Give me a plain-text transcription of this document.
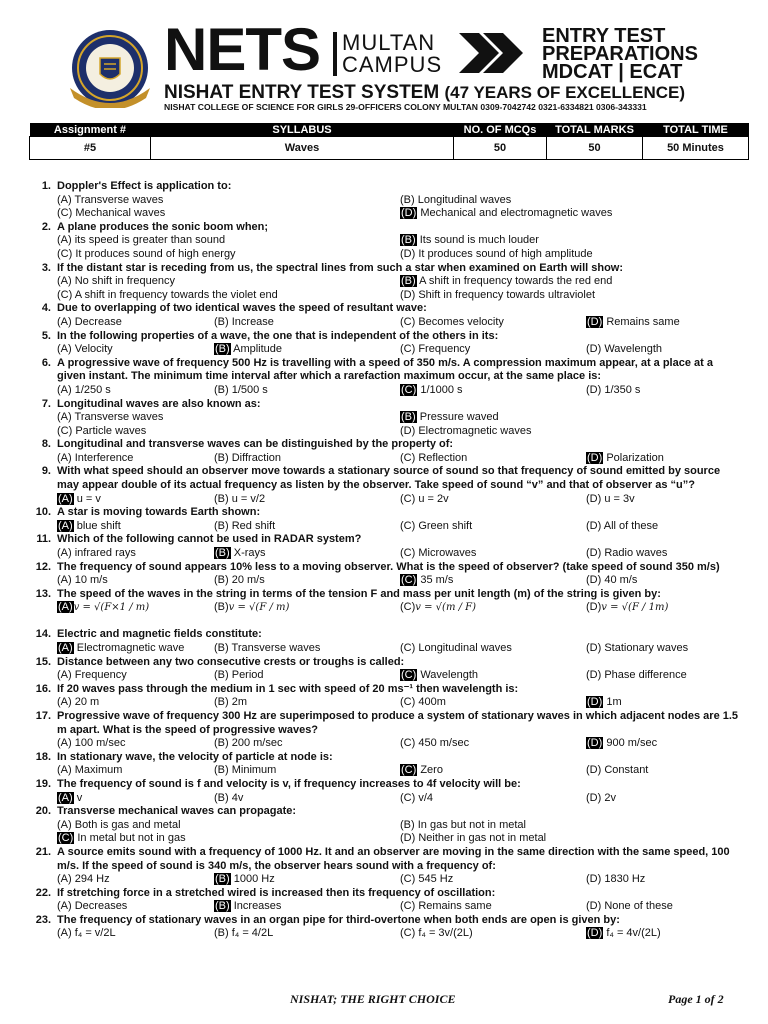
NETS MULTAN
CAMPUS
ENTRY TEST
PREPARATIONS
MDCAT | ECAT
NISHAT ENTRY TEST SYSTEM (47 YEARS OF EXCELLENCE)
NISHAT COLLEGE OF SCIENCE FOR GIRLS 29-OFFICERS COLONY MULTAN 0309-7042742 0321-6334821 0306-343331
Assignment #	SYLLABUS	NO. OF MCQs	TOTAL MARKS	TOTAL TIME
#5	Waves	50	50	50 Minutes
1. Doppler's Effect is application to:
(A) Transverse waves	(B) Longitudinal waves
(C) Mechanical waves	(D) Mechanical and electromagnetic waves
2. A plane produces the sonic boom when;
(A) its speed is greater than sound	(B) Its sound is much louder
(C) It produces sound of high energy	(D) It produces sound of high amplitude
3. If the distant star is receding from us, the spectral lines from such a star when examined on Earth will show:
(A) No shift in frequency	(B) A shift in frequency towards the red end
(C) A shift in frequency towards the violet end	(D) Shift in frequency towards ultraviolet
4. Due to overlapping of two identical waves the speed of resultant wave:
(A) Decrease	(B) Increase	(C) Becomes velocity	(D) Remains same
5. In the following properties of a wave, the one that is independent of the others in its:
(A) Velocity	(B) Amplitude	(C) Frequency	(D) Wavelength
6. A progressive wave of frequency 500 Hz is travelling with a speed of 350 m/s. A compression maximum appear, at a place at a given instant. The minimum time interval after which a rarefaction maximum occur, at the same place is:
(A) 1/250 s	(B) 1/500 s	(C) 1/1000 s	(D) 1/350 s
7. Longitudinal waves are also known as:
(A) Transverse waves	(B) Pressure waved
(C) Particle waves	(D) Electromagnetic waves
8. Longitudinal and transverse waves can be distinguished by the property of:
(A) Interference	(B) Diffraction	(C) Reflection	(D) Polarization
9. With what speed should an observer move towards a stationary source of sound so that frequency of sound emitted by source may appear double of its actual frequency as listen by the observer. Take speed of sound “v” and that of observer as “u”?
(A) u = v	(B) u = v/2	(C) u = 2v	(D) u = 3v
10. A star is moving towards Earth shown:
(A) blue shift	(B) Red shift	(C) Green shift	(D) All of these
11. Which of the following cannot be used in RADAR system?
(A) infrared rays	(B) X-rays	(C) Microwaves	(D) Radio waves
12. The frequency of sound appears 10% less to a moving observer. What is the speed of observer? (take speed of sound 350 m/s)
(A) 10 m/s	(B) 20 m/s	(C) 35 m/s	(D) 40 m/s
13. The speed of the waves in the string in terms of the tension F and mass per unit length (m) of the string is given by:
(A)v = √(F×1 / m)	(B)v = √(F / m)	(C)v = √(m / F)	(D)v = √(F / 1m)
14. Electric and magnetic fields constitute:
(A) Electromagnetic wave	(B) Transverse waves	(C) Longitudinal waves	(D) Stationary waves
15. Distance between any two consecutive crests or troughs is called:
(A) Frequency	(B) Period	(C) Wavelength	(D) Phase difference
16. If 20 waves pass through the medium in 1 sec with speed of 20 ms⁻¹ then wavelength is:
(A) 20 m	(B) 2m	(C) 400m	(D) 1m
17. Progressive wave of frequency 300 Hz are superimposed to produce a system of stationary waves in which adjacent nodes are 1.5 m apart. What is the speed of progressive waves?
(A) 100 m/sec	(B) 200 m/sec	(C) 450 m/sec	(D) 900 m/sec
18. In stationary wave, the velocity of particle at node is:
(A) Maximum	(B) Minimum	(C) Zero	(D) Constant
19. The frequency of sound is f and velocity is v, if frequency increases to 4f velocity will be:
(A) v	(B) 4v	(C) v/4	(D) 2v
20. Transverse mechanical waves can propagate:
(A) Both is gas and metal	(B) In gas but not in metal
(C) In metal but not in gas	(D) Neither in gas not in metal
21. A source emits sound with a frequency of 1000 Hz. It and an observer are moving in the same direction with the same speed, 100 m/s. If the speed of sound is 340 m/s, the observer hears sound with a frequency of:
(A) 294 Hz	(B) 1000 Hz	(C) 545 Hz	(D) 1830 Hz
22. If stretching force in a stretched wired is increased then its frequency of oscillation:
(A) Decreases	(B) Increases	(C) Remains same	(D) None of these
23. The frequency of stationary waves in an organ pipe for third-overtone when both ends are open is given by:
(A) f₄ = v/2L	(B) f₄ = 4/2L	(C) f₄ = 3v/(2L)	(D) f₄ = 4v/(2L)
NISHAT; THE RIGHT CHOICE	Page 1 of 2
